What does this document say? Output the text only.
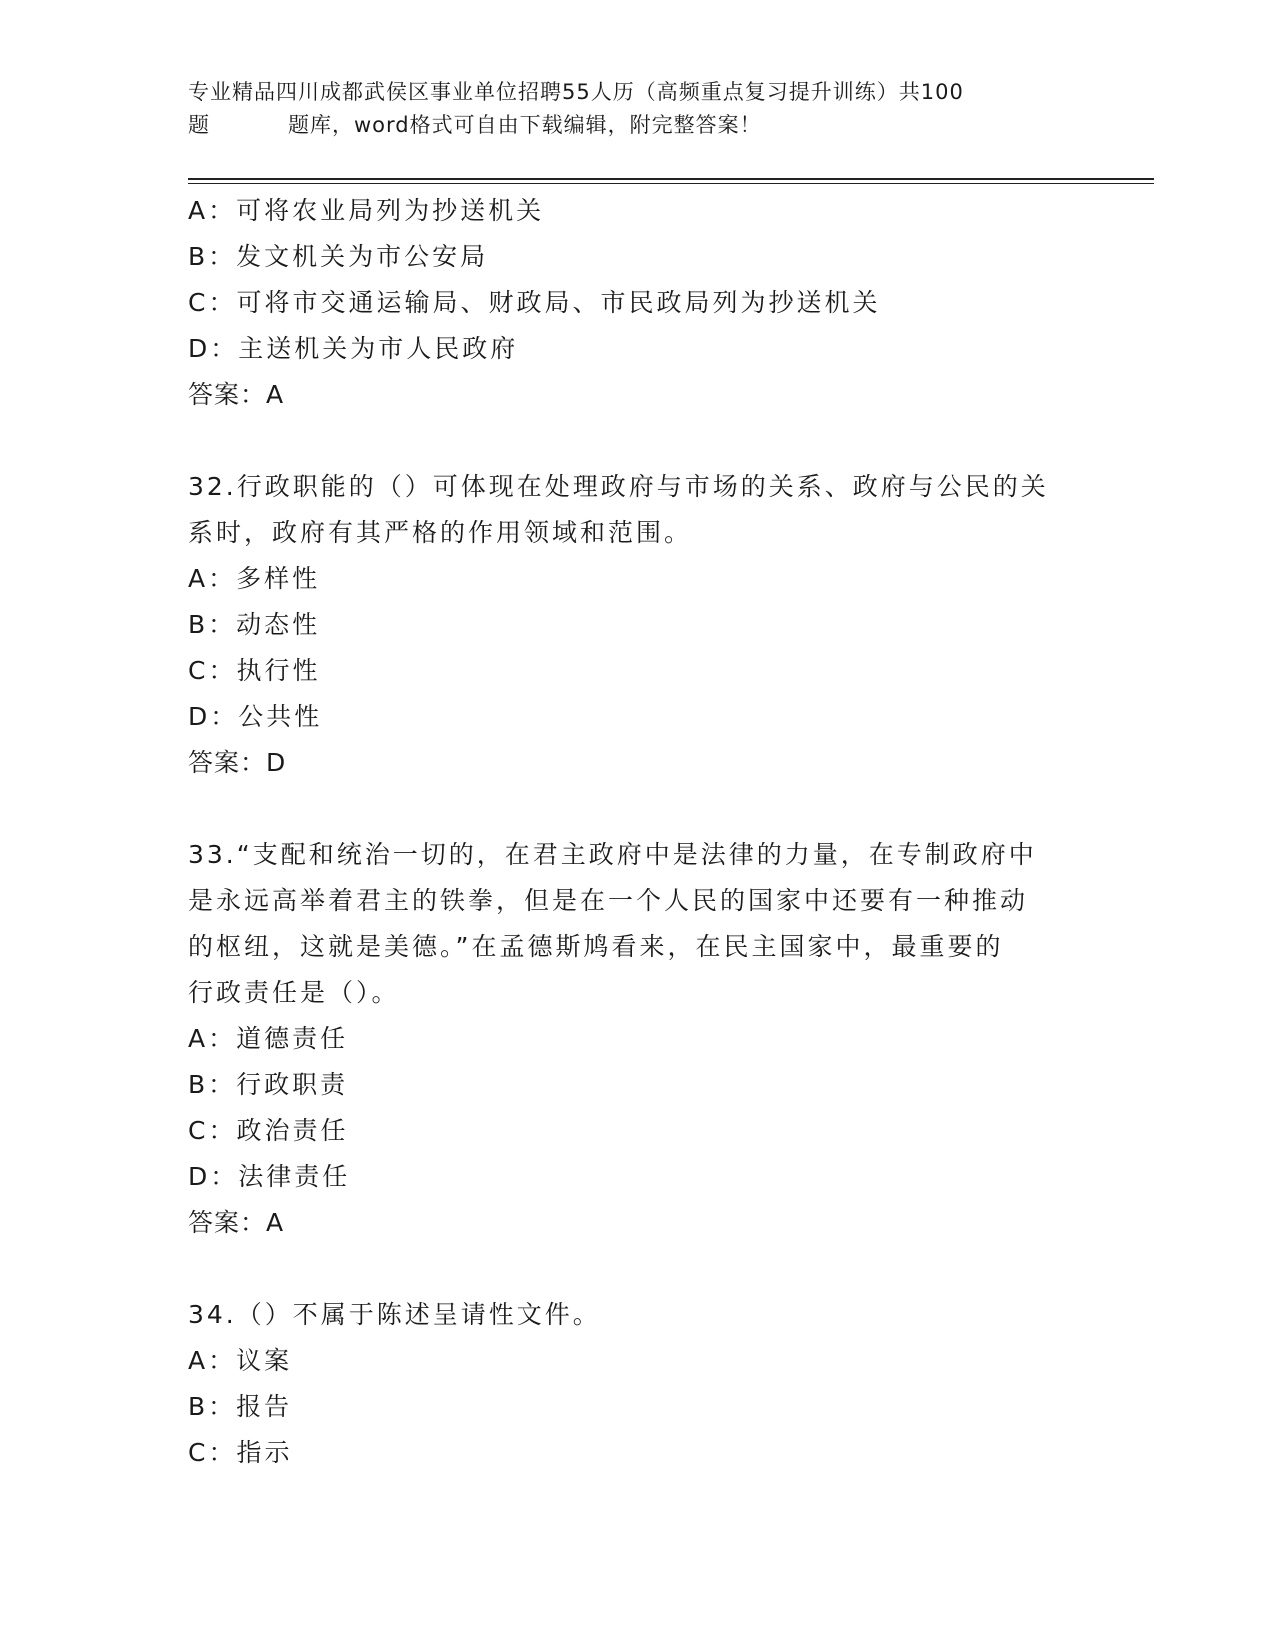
专业精品四川成都武侯区事业单位招聘55人历（高频重点复习提升训练）共100
题	题库，word格式可自由下载编辑，附完整答案！
A：可将农业局列为抄送机关
B：发文机关为市公安局
C：可将市交通运输局、财政局、市民政局列为抄送机关
D：主送机关为市人民政府
答案：A
32.行政职能的（）可体现在处理政府与市场的关系、政府与公民的关
系时，政府有其严格的作用领域和范围。
A：多样性
B：动态性
C：执行性
D：公共性
答案：D
33.“支配和统治一切的，在君主政府中是法律的力量，在专制政府中
是永远高举着君主的铁拳，但是在一个人民的国家中还要有一种推动
的枢纽，这就是美德。”在孟德斯鸠看来，在民主国家中，最重要的
行政责任是（）。
A：道德责任
B：行政职责
C：政治责任
D：法律责任
答案：A
34.（）不属于陈述呈请性文件。
A：议案
B：报告
C：指示
